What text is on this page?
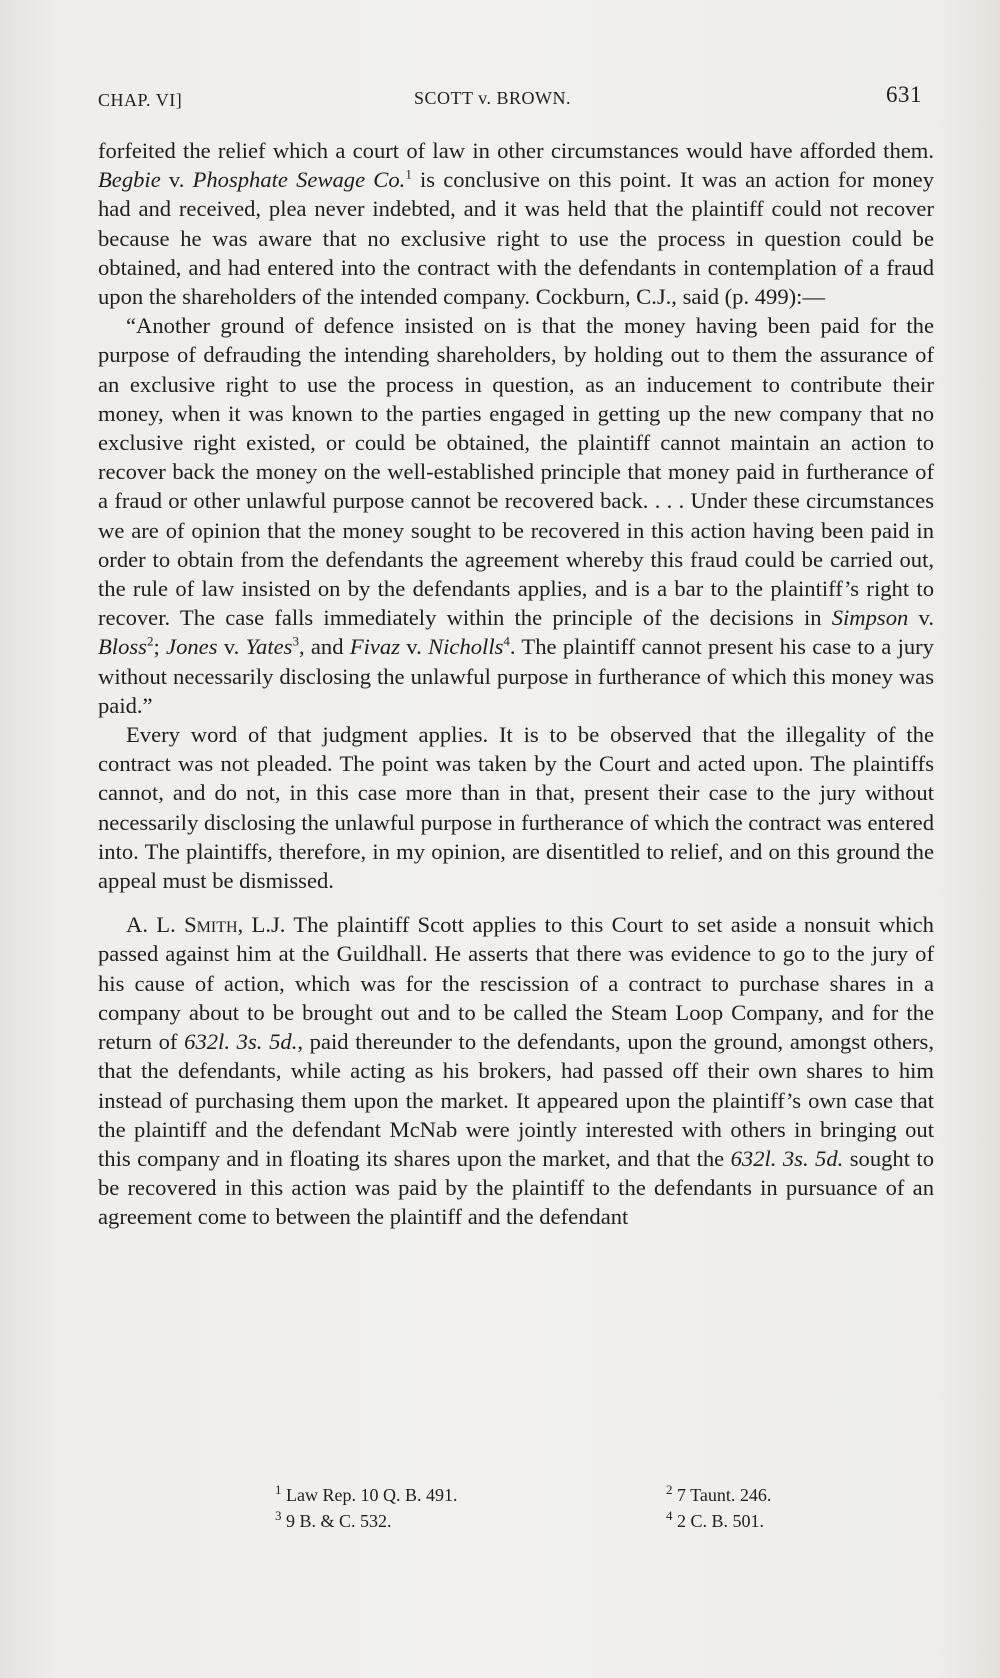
CHAP. VI]	SCOTT v. BROWN.	631

forfeited the relief which a court of law in other circumstances would have afforded them. Begbie v. Phosphate Sewage Co.$^1$ is conclusive on this point. It was an action for money had and received, plea never indebted, and it was held that the plaintiff could not recover because he was aware that no exclusive right to use the process in question could be obtained, and had entered into the contract with the defendants in contemplation of a fraud upon the shareholders of the intended company. Cockburn, C.J., said (p. 499):—

“Another ground of defence insisted on is that the money having been paid for the purpose of defrauding the intending shareholders, by holding out to them the assurance of an exclusive right to use the process in question, as an inducement to contribute their money, when it was known to the parties engaged in getting up the new company that no exclusive right existed, or could be obtained, the plaintiff cannot maintain an action to recover back the money on the well-established principle that money paid in furtherance of a fraud or other unlawful purpose cannot be recovered back. . . . Under these circumstances we are of opinion that the money sought to be recovered in this action having been paid in order to obtain from the defendants the agreement whereby this fraud could be carried out, the rule of law insisted on by the defendants applies, and is a bar to the plaintiff’s right to recover. The case falls immediately within the principle of the decisions in Simpson v. Bloss$^2$; Jones v. Yates$^3$, and Fivaz v. Nicholls$^4$. The plaintiff cannot present his case to a jury without necessarily disclosing the unlawful purpose in furtherance of which this money was paid.”

Every word of that judgment applies. It is to be observed that the illegality of the contract was not pleaded. The point was taken by the Court and acted upon. The plaintiffs cannot, and do not, in this case more than in that, present their case to the jury without necessarily disclosing the unlawful purpose in furtherance of which the contract was entered into. The plaintiffs, therefore, in my opinion, are disentitled to relief, and on this ground the appeal must be dismissed.

A. L. Smith, L.J. The plaintiff Scott applies to this Court to set aside a nonsuit which passed against him at the Guildhall. He asserts that there was evidence to go to the jury of his cause of action, which was for the rescission of a contract to purchase shares in a company about to be brought out and to be called the Steam Loop Company, and for the return of 632l. 3s. 5d., paid thereunder to the defendants, upon the ground, amongst others, that the defendants, while acting as his brokers, had passed off their own shares to him instead of purchasing them upon the market. It appeared upon the plaintiff’s own case that the plaintiff and the defendant McNab were jointly interested with others in bringing out this company and in floating its shares upon the market, and that the 632l. 3s. 5d. sought to be recovered in this action was paid by the plaintiff to the defendants in pursuance of an agreement come to between the plaintiff and the defendant

$^1$ Law Rep. 10 Q. B. 491.	$^2$ 7 Taunt. 246.
$^3$ 9 B. & C. 532.	$^4$ 2 C. B. 501.
